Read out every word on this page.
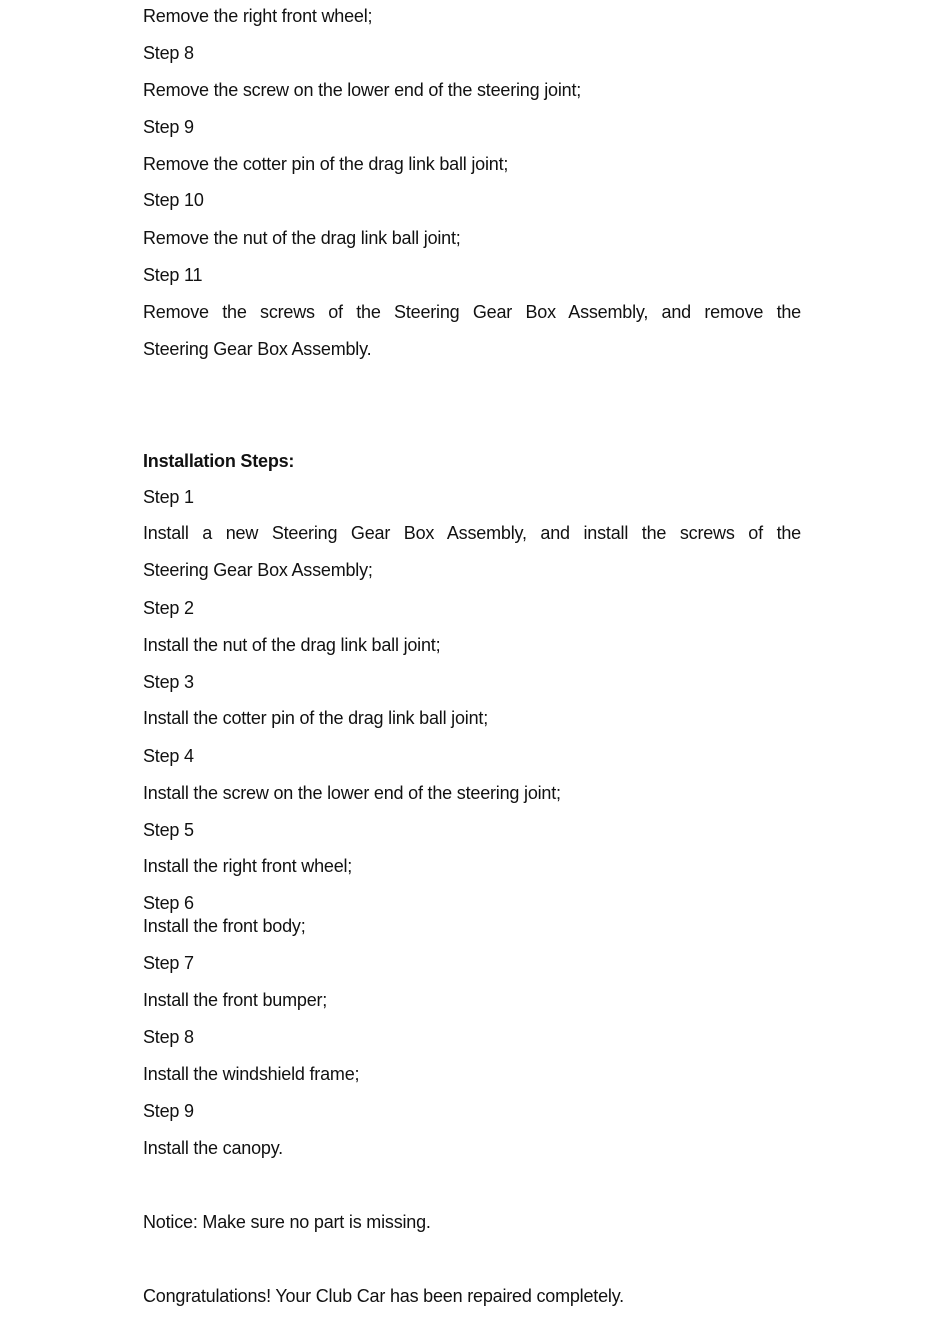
Remove the right front wheel;
Step 8
Remove the screw on the lower end of the steering joint;
Step 9
Remove the cotter pin of the drag link ball joint;
Step 10
Remove the nut of the drag link ball joint;
Step 11
Remove the screws of the Steering Gear Box Assembly, and remove the
Steering Gear Box Assembly.
Installation Steps:
Step 1
Install a new Steering Gear Box Assembly, and install the screws of the
Steering Gear Box Assembly;
Step 2
Install the nut of the drag link ball joint;
Step 3
Install the cotter pin of the drag link ball joint;
Step 4
Install the screw on the lower end of the steering joint;
Step 5
Install the right front wheel;
Step 6
Install the front body;
Step 7
Install the front bumper;
Step 8
Install the windshield frame;
Step 9
Install the canopy.
Notice: Make sure no part is missing.
Congratulations! Your Club Car has been repaired completely.
